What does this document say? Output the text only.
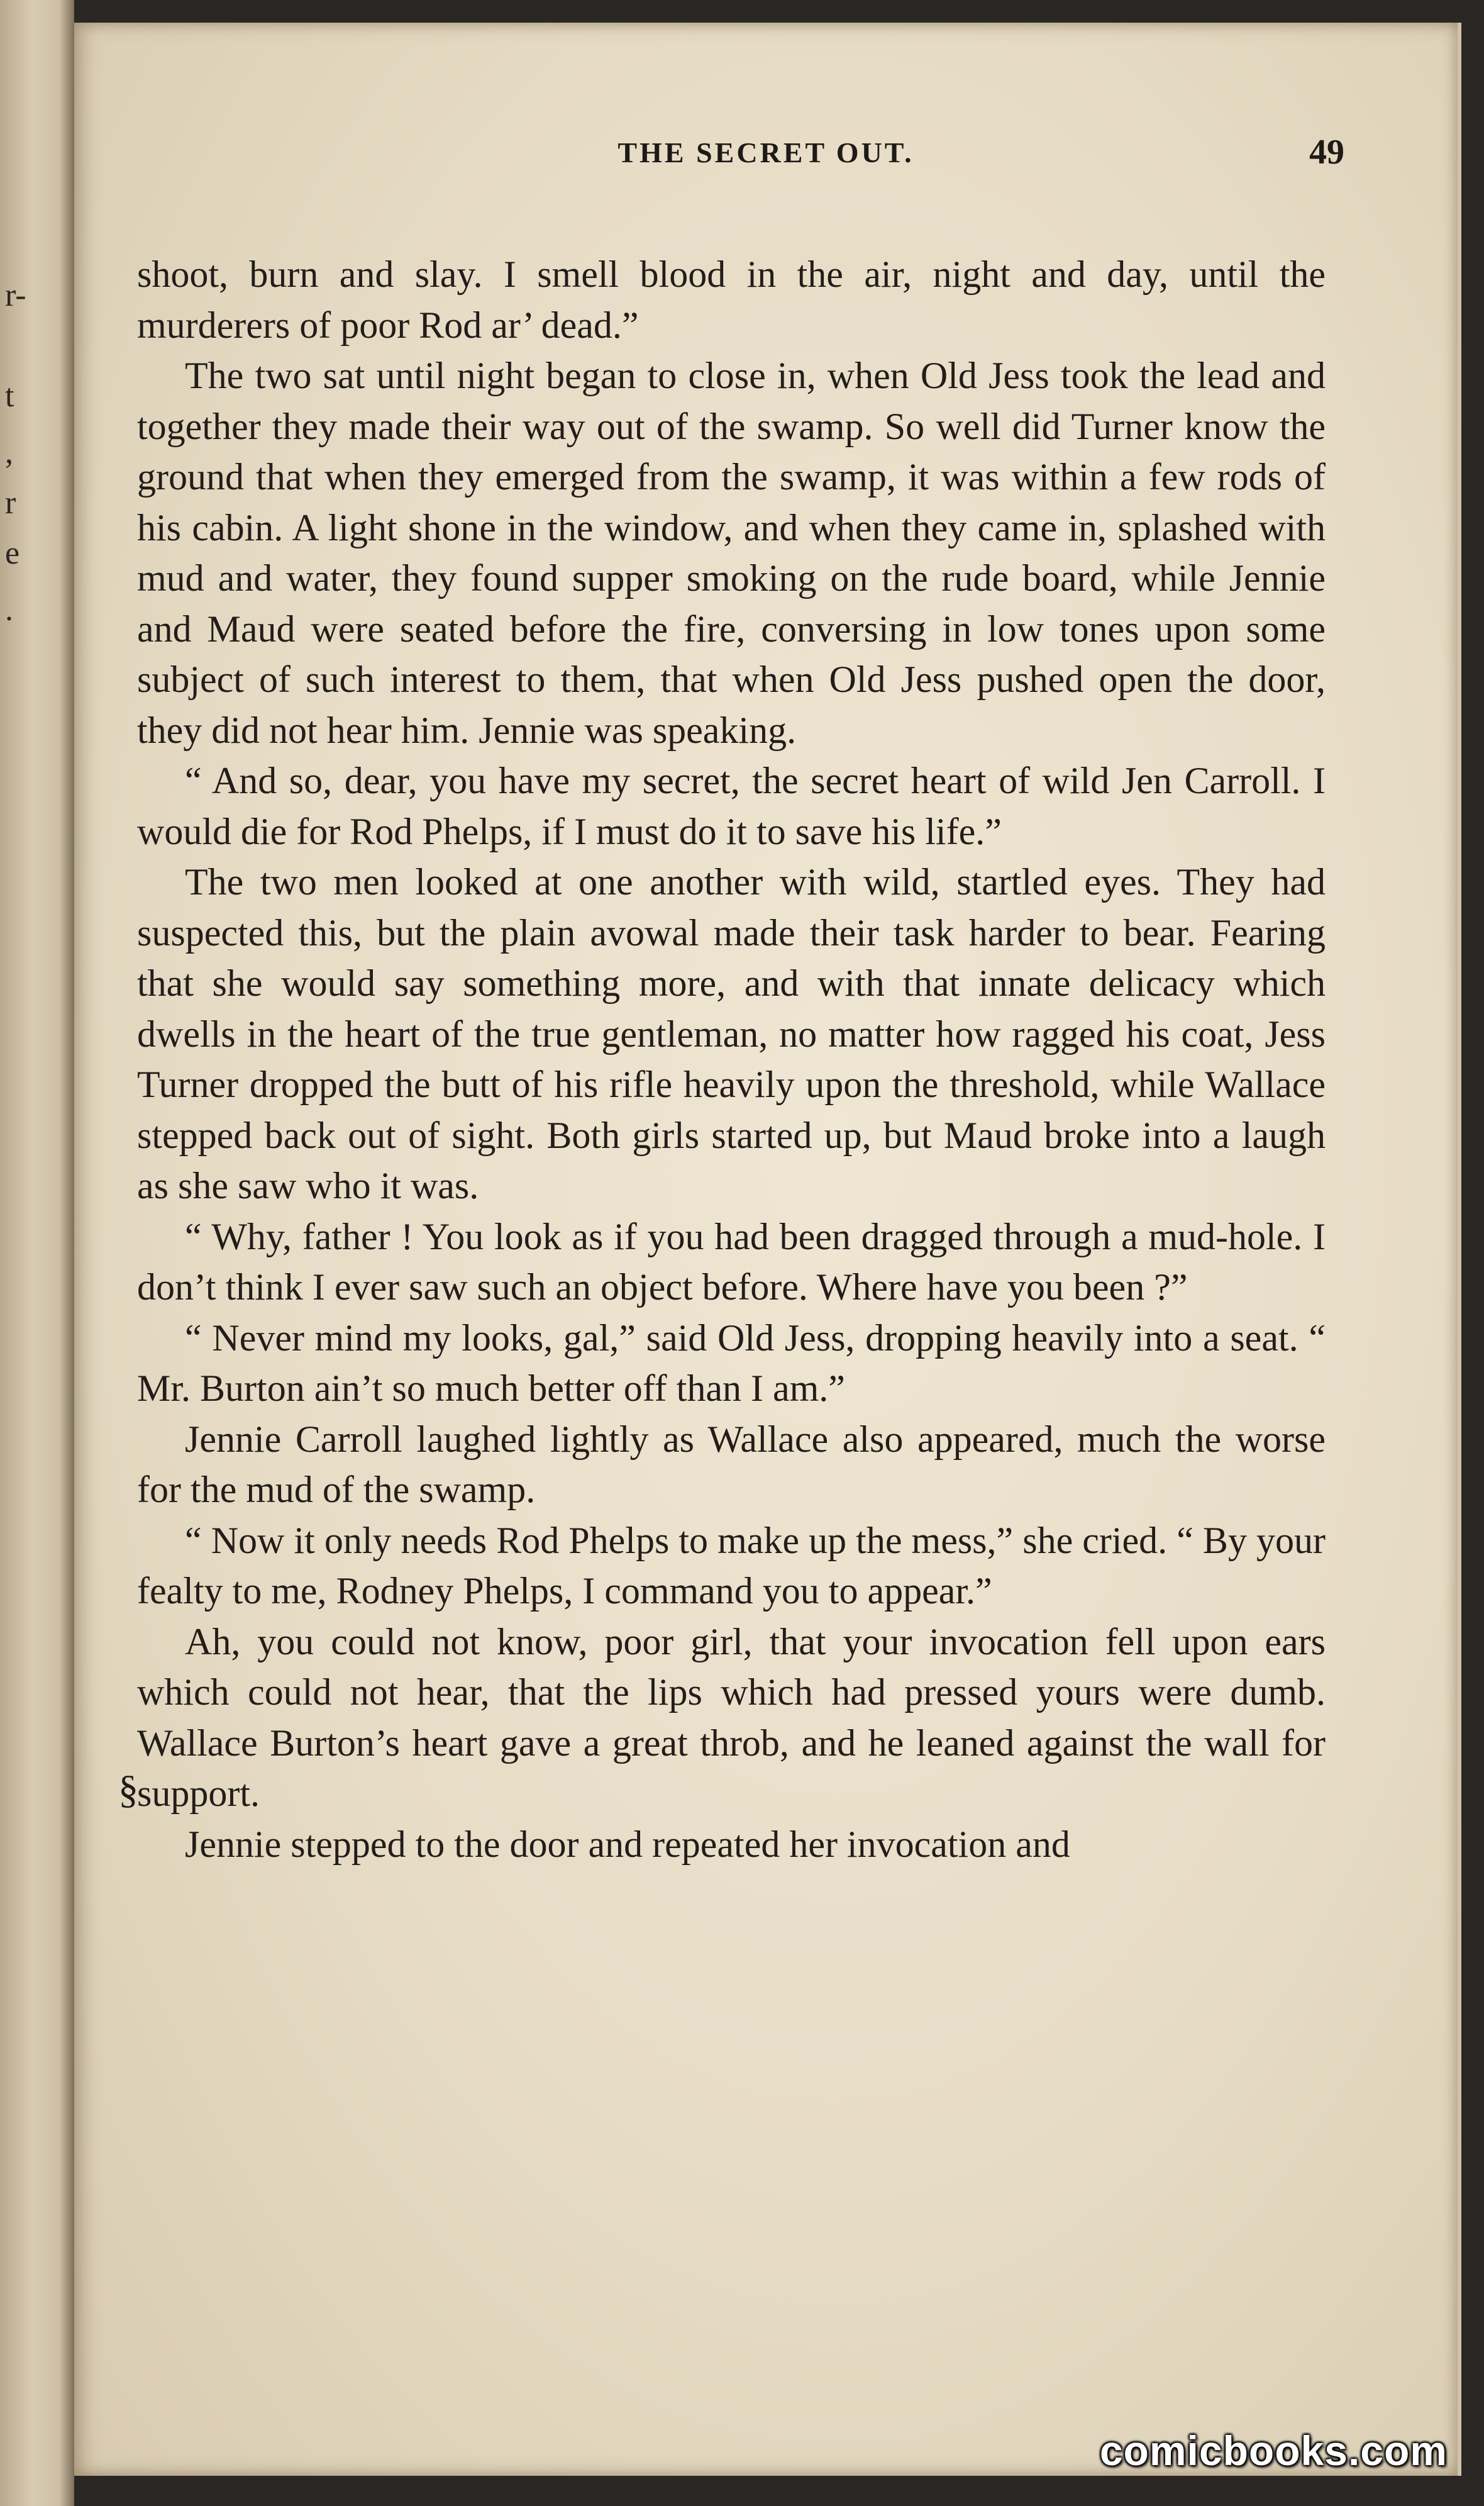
r-
t
,
r
e
.
THE SECRET OUT.	49

shoot, burn and slay. I smell blood in the air, night and day, until the murderers of poor Rod ar’ dead.”

The two sat until night began to close in, when Old Jess took the lead and together they made their way out of the swamp. So well did Turner know the ground that when they emerged from the swamp, it was within a few rods of his cabin. A light shone in the window, and when they came in, splashed with mud and water, they found supper smoking on the rude board, while Jennie and Maud were seated before the fire, conversing in low tones upon some subject of such interest to them, that when Old Jess pushed open the door, they did not hear him. Jennie was speaking.

“ And so, dear, you have my secret, the secret heart of wild Jen Carroll. I would die for Rod Phelps, if I must do it to save his life.”

The two men looked at one another with wild, startled eyes. They had suspected this, but the plain avowal made their task harder to bear. Fearing that she would say something more, and with that innate delicacy which dwells in the heart of the true gentleman, no matter how ragged his coat, Jess Turner dropped the butt of his rifle heavily upon the threshold, while Wallace stepped back out of sight. Both girls started up, but Maud broke into a laugh as she saw who it was.

“ Why, father ! You look as if you had been dragged through a mud-hole. I don’t think I ever saw such an object before. Where have you been ?”

“ Never mind my looks, gal,” said Old Jess, dropping heavily into a seat. “ Mr. Burton ain’t so much better off than I am.”

Jennie Carroll laughed lightly as Wallace also appeared, much the worse for the mud of the swamp.

“ Now it only needs Rod Phelps to make up the mess,” she cried. “ By your fealty to me, Rodney Phelps, I command you to appear.”

Ah, you could not know, poor girl, that your invocation fell upon ears which could not hear, that the lips which had pressed yours were dumb. Wallace Burton’s heart gave a great throb, and he leaned against the wall for support.

Jennie stepped to the door and repeated her invocation and

§
comicbooks.com
